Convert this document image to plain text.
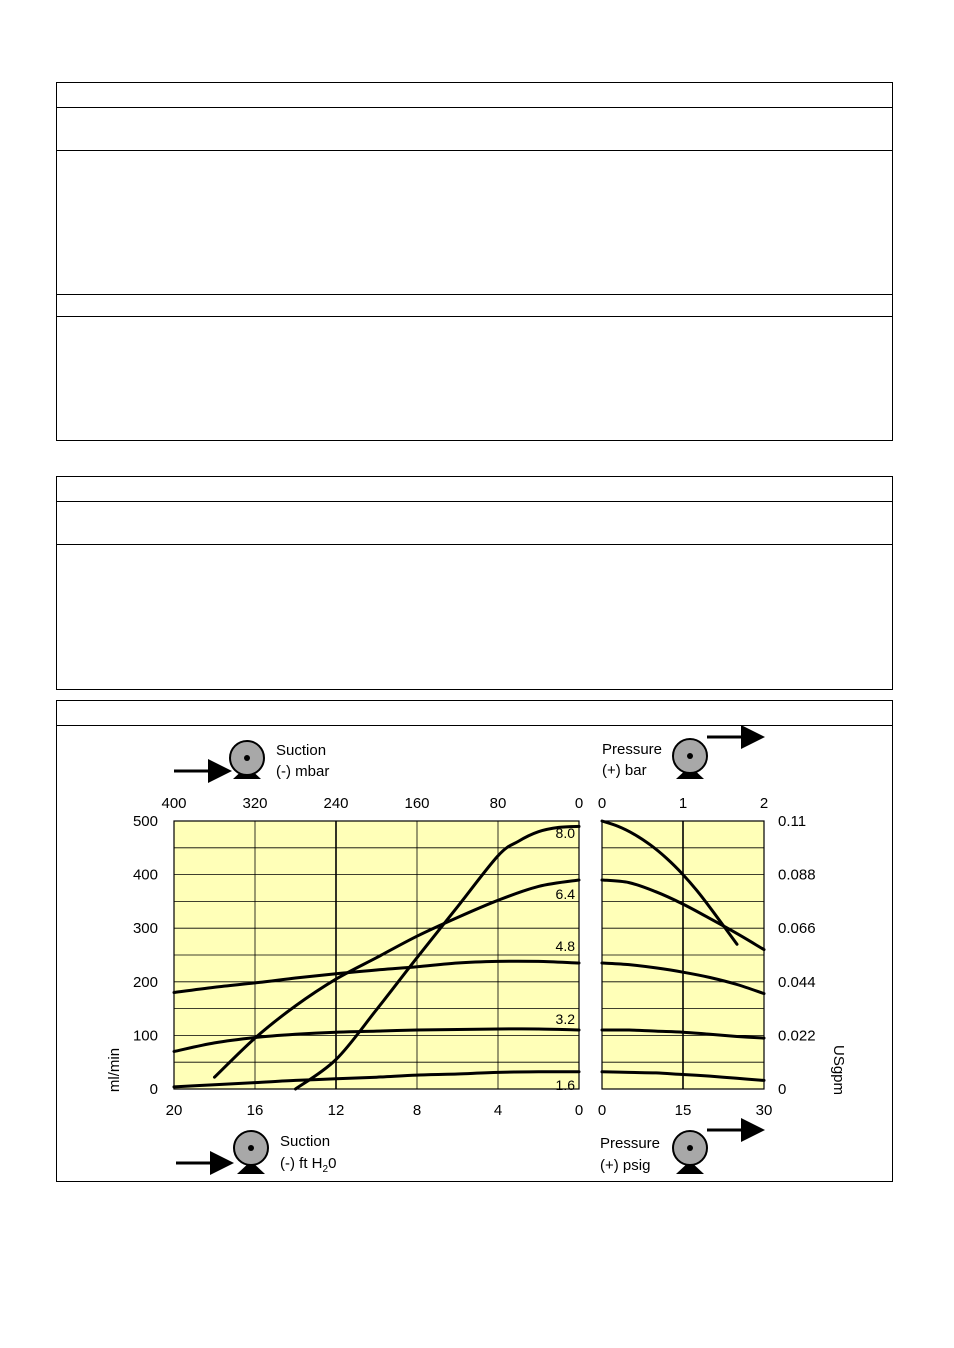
8.0
6.4
4.8
3.2
1.6
20	16	12	8	4	0
400	320	240	160	80	0
0
100
200
300
400
500
0	15	30
0	1	2
0
0.022
0.044
0.066
0.088
0.11
Suction
(-) mbar
Pressure
(+) bar
Suction
(-) ft $H_20$
Pressure
(+) psig
ml/min	USgpm
